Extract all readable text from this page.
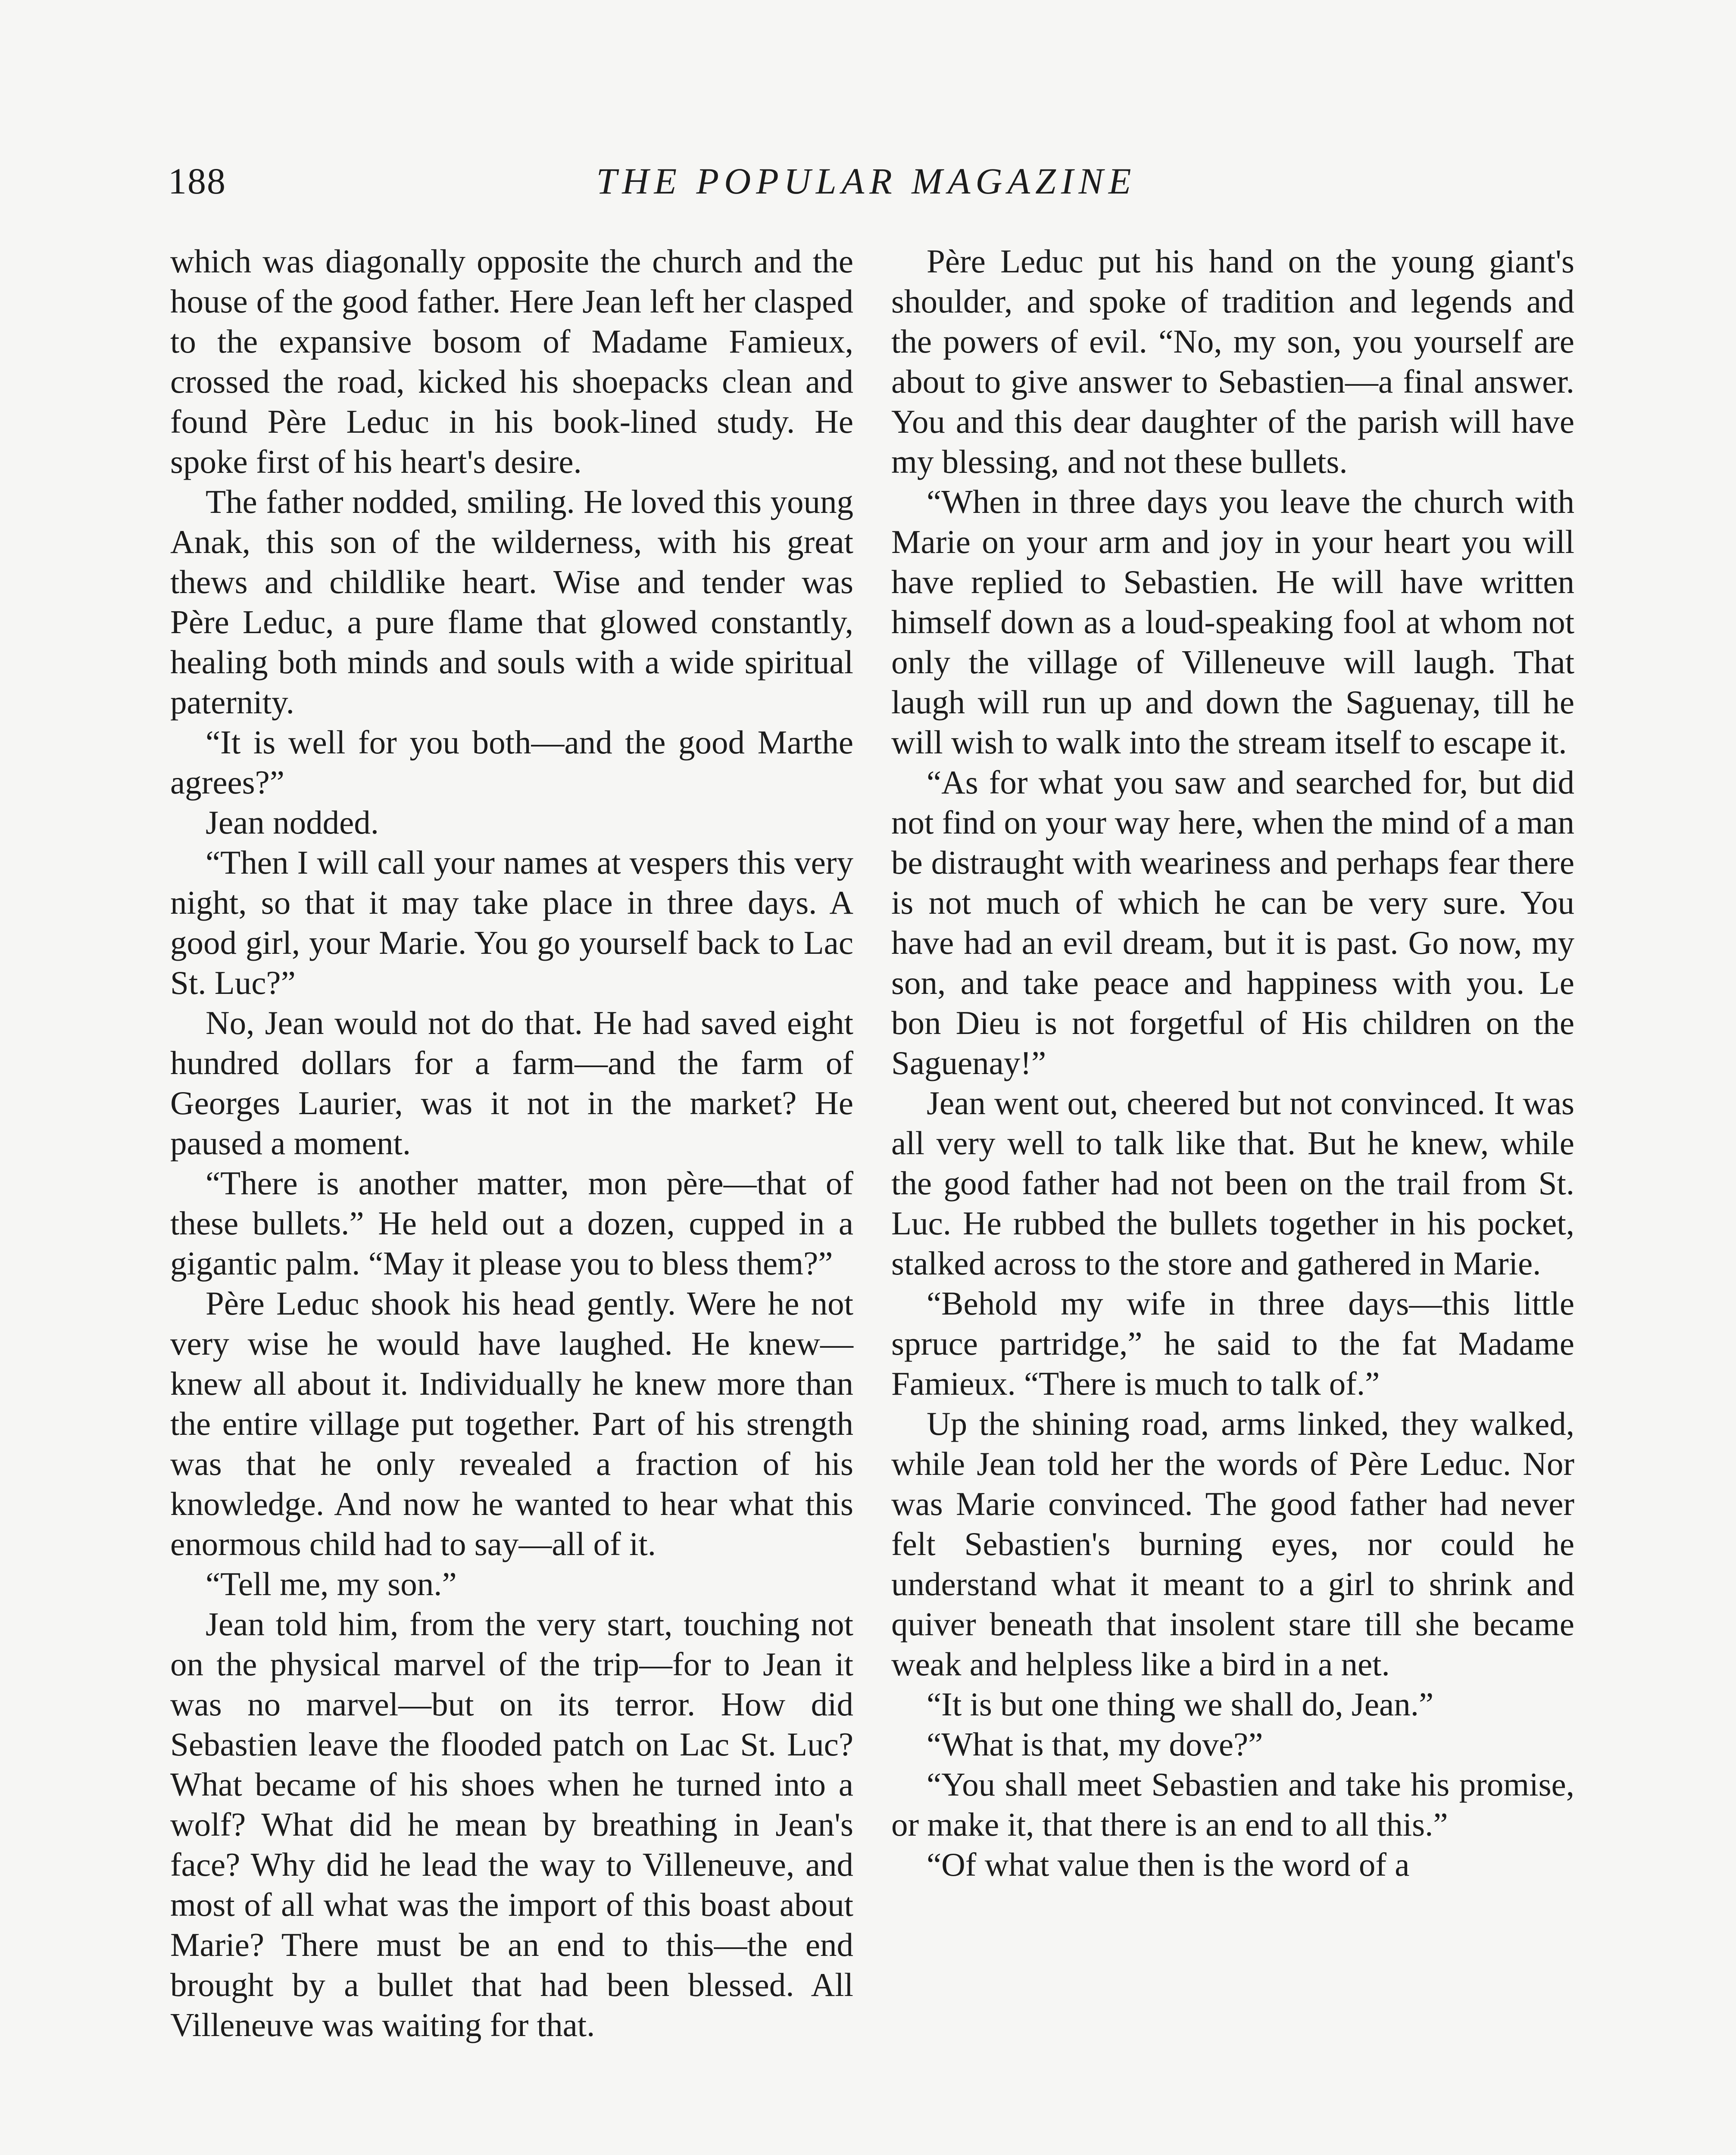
THE POPULAR MAGAZINE
188

which was diagonally opposite the church and the house of the good father. Here Jean left her clasped to the expansive bosom of Madame Famieux, crossed the road, kicked his shoepacks clean and found Père Leduc in his book-lined study. He spoke first of his heart's desire.

The father nodded, smiling. He loved this young Anak, this son of the wilderness, with his great thews and childlike heart. Wise and tender was Père Leduc, a pure flame that glowed constantly, healing both minds and souls with a wide spiritual paternity.

“It is well for you both—and the good Marthe agrees?”

Jean nodded.

“Then I will call your names at vespers this very night, so that it may take place in three days. A good girl, your Marie. You go yourself back to Lac St. Luc?”

No, Jean would not do that. He had saved eight hundred dollars for a farm—and the farm of Georges Laurier, was it not in the market? He paused a moment.

“There is another matter, mon père—that of these bullets.” He held out a dozen, cupped in a gigantic palm. “May it please you to bless them?”

Père Leduc shook his head gently. Were he not very wise he would have laughed. He knew—knew all about it. Individually he knew more than the entire village put together. Part of his strength was that he only revealed a fraction of his knowledge. And now he wanted to hear what this enormous child had to say—all of it.

“Tell me, my son.”

Jean told him, from the very start, touching not on the physical marvel of the trip—for to Jean it was no marvel—but on its terror. How did Sebastien leave the flooded patch on Lac St. Luc? What became of his shoes when he turned into a wolf? What did he mean by breathing in Jean's face? Why did he lead the way to Villeneuve, and most of all what was the import of this boast about Marie? There must be an end to this—the end brought by a bullet that had been blessed. All Villeneuve was waiting for that.

Père Leduc put his hand on the young giant's shoulder, and spoke of tradition and legends and the powers of evil. “No, my son, you yourself are about to give answer to Sebastien—a final answer. You and this dear daughter of the parish will have my blessing, and not these bullets.

“When in three days you leave the church with Marie on your arm and joy in your heart you will have replied to Sebastien. He will have written himself down as a loud-speaking fool at whom not only the village of Villeneuve will laugh. That laugh will run up and down the Saguenay, till he will wish to walk into the stream itself to escape it.

“As for what you saw and searched for, but did not find on your way here, when the mind of a man be distraught with weariness and perhaps fear there is not much of which he can be very sure. You have had an evil dream, but it is past. Go now, my son, and take peace and happiness with you. Le bon Dieu is not forgetful of His children on the Saguenay!”

Jean went out, cheered but not convinced. It was all very well to talk like that. But he knew, while the good father had not been on the trail from St. Luc. He rubbed the bullets together in his pocket, stalked across to the store and gathered in Marie.

“Behold my wife in three days—this little spruce partridge,” he said to the fat Madame Famieux. “There is much to talk of.”

Up the shining road, arms linked, they walked, while Jean told her the words of Père Leduc. Nor was Marie convinced. The good father had never felt Sebastien's burning eyes, nor could he understand what it meant to a girl to shrink and quiver beneath that insolent stare till she became weak and helpless like a bird in a net.

“It is but one thing we shall do, Jean.”

“What is that, my dove?”

“You shall meet Sebastien and take his promise, or make it, that there is an end to all this.”

“Of what value then is the word of a
